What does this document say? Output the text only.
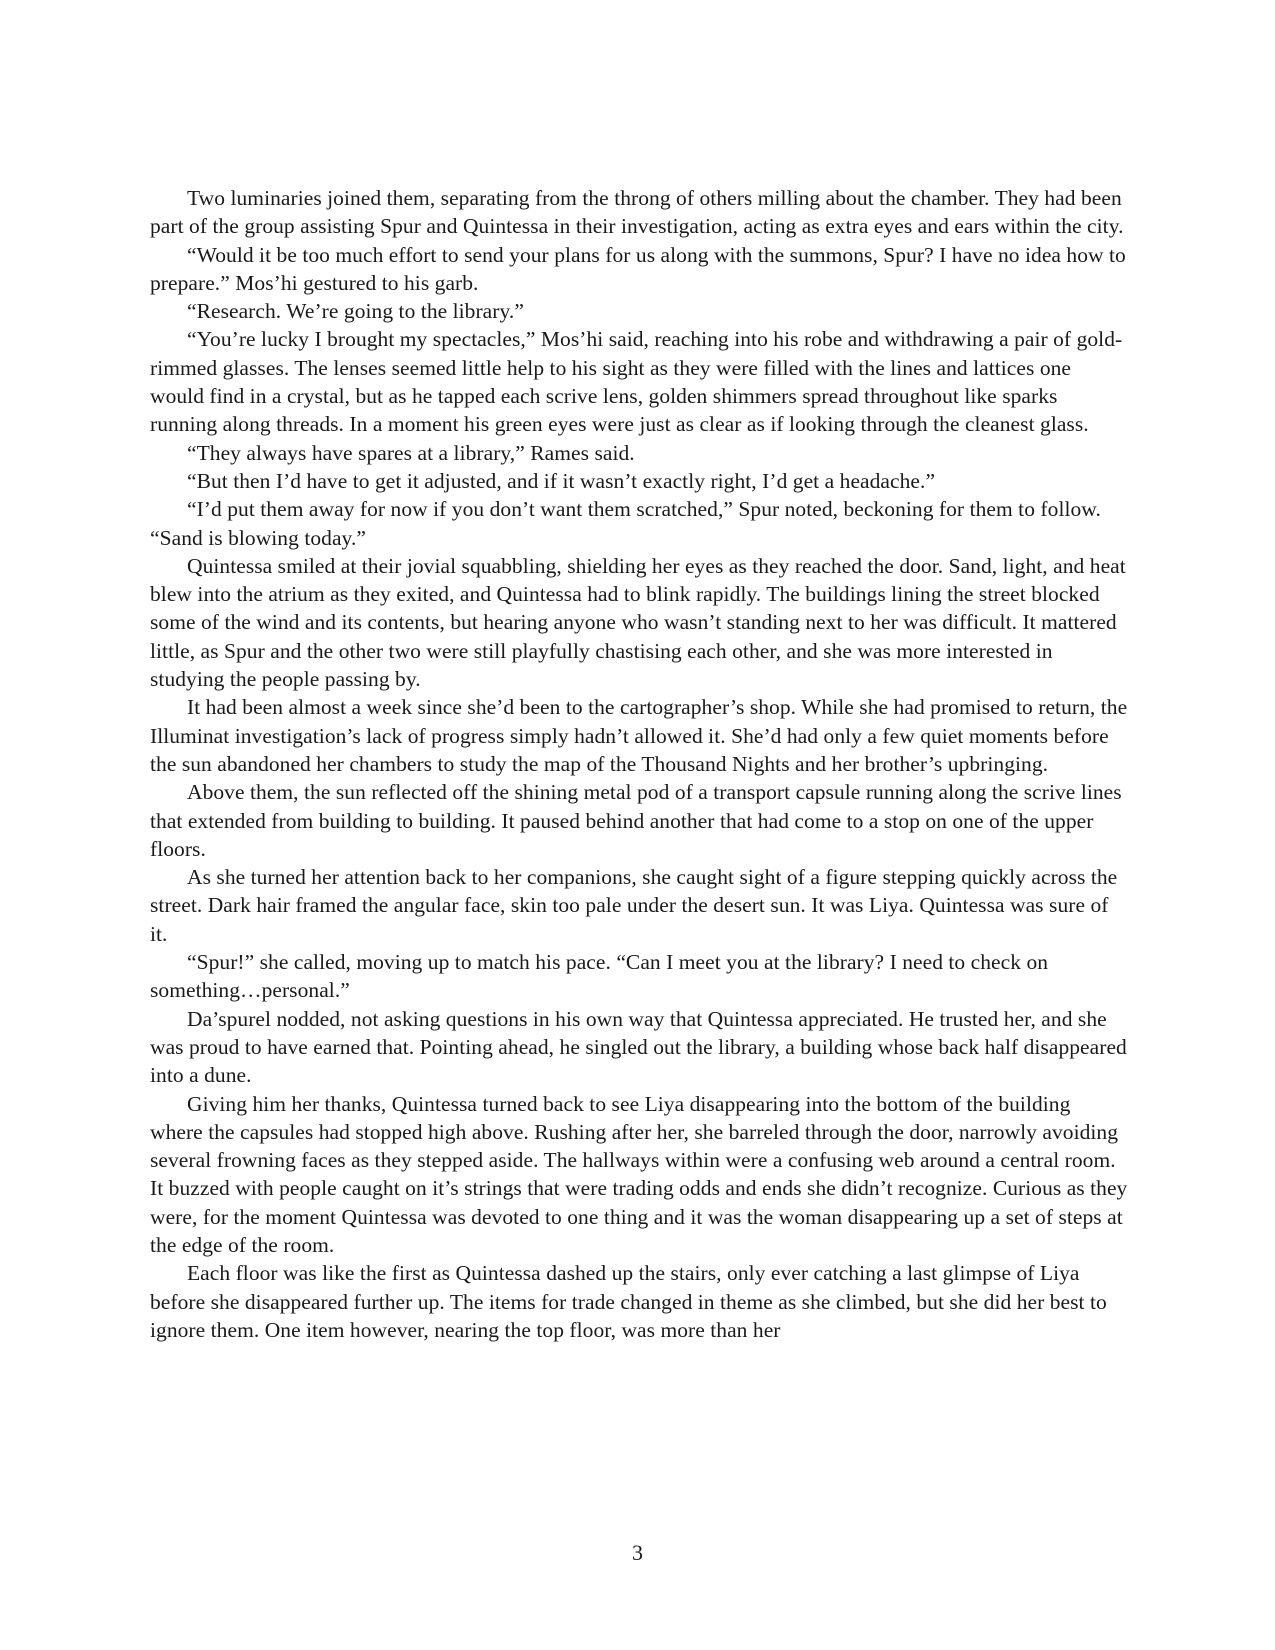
Two luminaries joined them, separating from the throng of others milling about the chamber. They had been part of the group assisting Spur and Quintessa in their investigation, acting as extra eyes and ears within the city.

“Would it be too much effort to send your plans for us along with the summons, Spur? I have no idea how to prepare.” Mos’hi gestured to his garb.

“Research. We’re going to the library.”

“You’re lucky I brought my spectacles,” Mos’hi said, reaching into his robe and withdrawing a pair of gold-rimmed glasses. The lenses seemed little help to his sight as they were filled with the lines and lattices one would find in a crystal, but as he tapped each scrive lens, golden shimmers spread throughout like sparks running along threads. In a moment his green eyes were just as clear as if looking through the cleanest glass.

“They always have spares at a library,” Rames said.

“But then I’d have to get it adjusted, and if it wasn’t exactly right, I’d get a headache.”

“I’d put them away for now if you don’t want them scratched,” Spur noted, beckoning for them to follow. “Sand is blowing today.”

Quintessa smiled at their jovial squabbling, shielding her eyes as they reached the door. Sand, light, and heat blew into the atrium as they exited, and Quintessa had to blink rapidly. The buildings lining the street blocked some of the wind and its contents, but hearing anyone who wasn’t standing next to her was difficult. It mattered little, as Spur and the other two were still playfully chastising each other, and she was more interested in studying the people passing by.

It had been almost a week since she’d been to the cartographer’s shop. While she had promised to return, the Illuminat investigation’s lack of progress simply hadn’t allowed it. She’d had only a few quiet moments before the sun abandoned her chambers to study the map of the Thousand Nights and her brother’s upbringing.

Above them, the sun reflected off the shining metal pod of a transport capsule running along the scrive lines that extended from building to building. It paused behind another that had come to a stop on one of the upper floors.

As she turned her attention back to her companions, she caught sight of a figure stepping quickly across the street. Dark hair framed the angular face, skin too pale under the desert sun. It was Liya. Quintessa was sure of it.

“Spur!” she called, moving up to match his pace. “Can I meet you at the library? I need to check on something…personal.”

Da’spurel nodded, not asking questions in his own way that Quintessa appreciated. He trusted her, and she was proud to have earned that. Pointing ahead, he singled out the library, a building whose back half disappeared into a dune.

Giving him her thanks, Quintessa turned back to see Liya disappearing into the bottom of the building where the capsules had stopped high above. Rushing after her, she barreled through the door, narrowly avoiding several frowning faces as they stepped aside. The hallways within were a confusing web around a central room. It buzzed with people caught on it’s strings that were trading odds and ends she didn’t recognize. Curious as they were, for the moment Quintessa was devoted to one thing and it was the woman disappearing up a set of steps at the edge of the room.

Each floor was like the first as Quintessa dashed up the stairs, only ever catching a last glimpse of Liya before she disappeared further up. The items for trade changed in theme as she climbed, but she did her best to ignore them. One item however, nearing the top floor, was more than her

3
